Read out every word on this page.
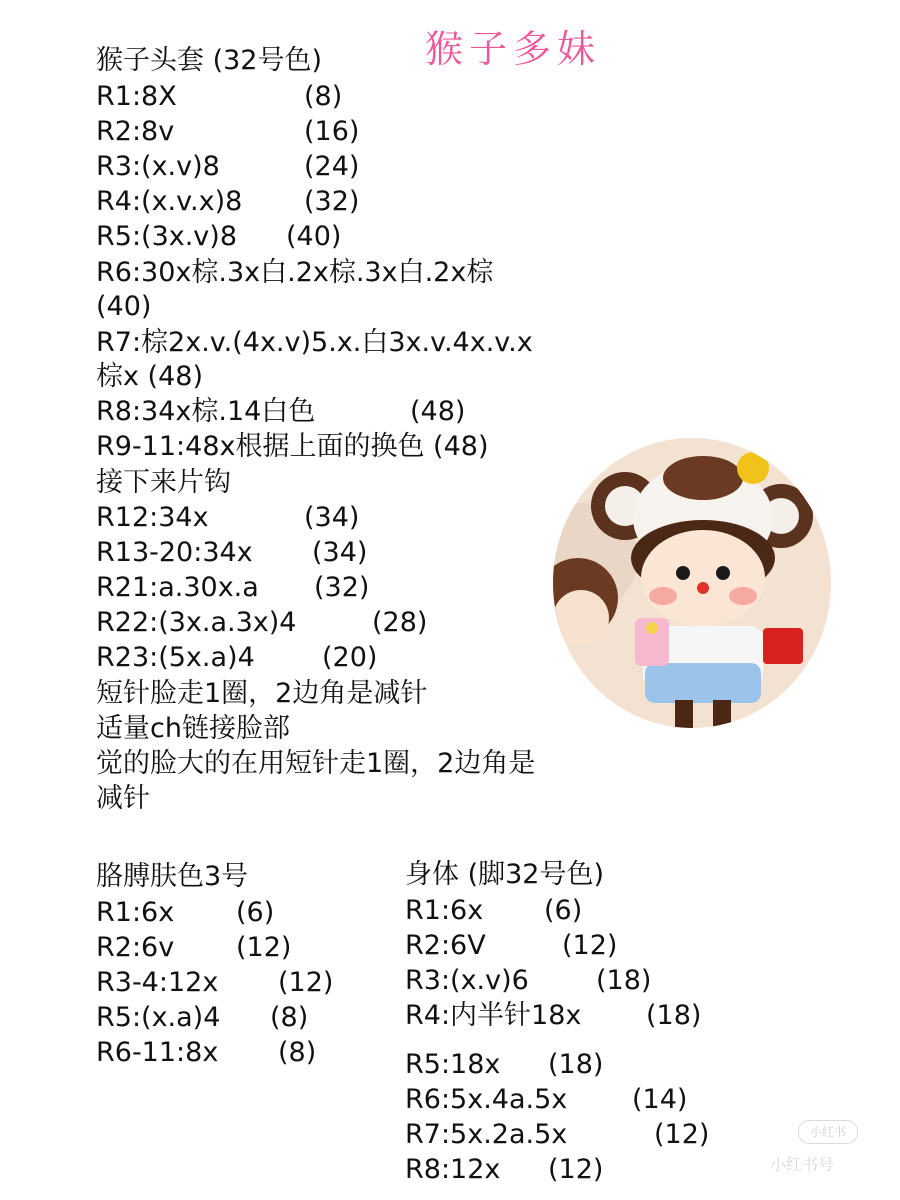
猴子多妹
猴子头套 (32号色)
R1:8X	(8)
R2:8v	(16)
R3:(x.v)8	(24)
R4:(x.v.x)8 (32)
R5:(3x.v)8 (40)
R6:30x棕.3x白.2x棕.3x白.2x棕
(40)
R7:棕2x.v.(4x.v)5.x.白3x.v.4x.v.x
棕x (48)
R8:34x棕.14白色	(48)
R9-11:48x根据上面的换色 (48)
接下来片钩
R12:34x	(34)
R13-20:34x (34)
R21:a.30x.a (32)
R22:(3x.a.3x)4	(28)
R23:(5x.a)4 (20)
短针脸走1圈，2边角是减针
适量ch链接脸部
觉的脸大的在用短针走1圈，2边角是
减针
胳膊肤色3号
R1:6x (6)
R2:6v (12)
R3-4:12x (12)
R5:(x.a)4 (8)
R6-11:8x (8)
身体 (脚32号色)
R1:6x (6)
R2:6V	(12)
R3:(x.v)6 (18)
R4:内半针18x (18)
R5:18x (18)
R6:5x.4a.5x (14)
R7:5x.2a.5x	(12)
R8:12x (12)
小红书
小红书号
